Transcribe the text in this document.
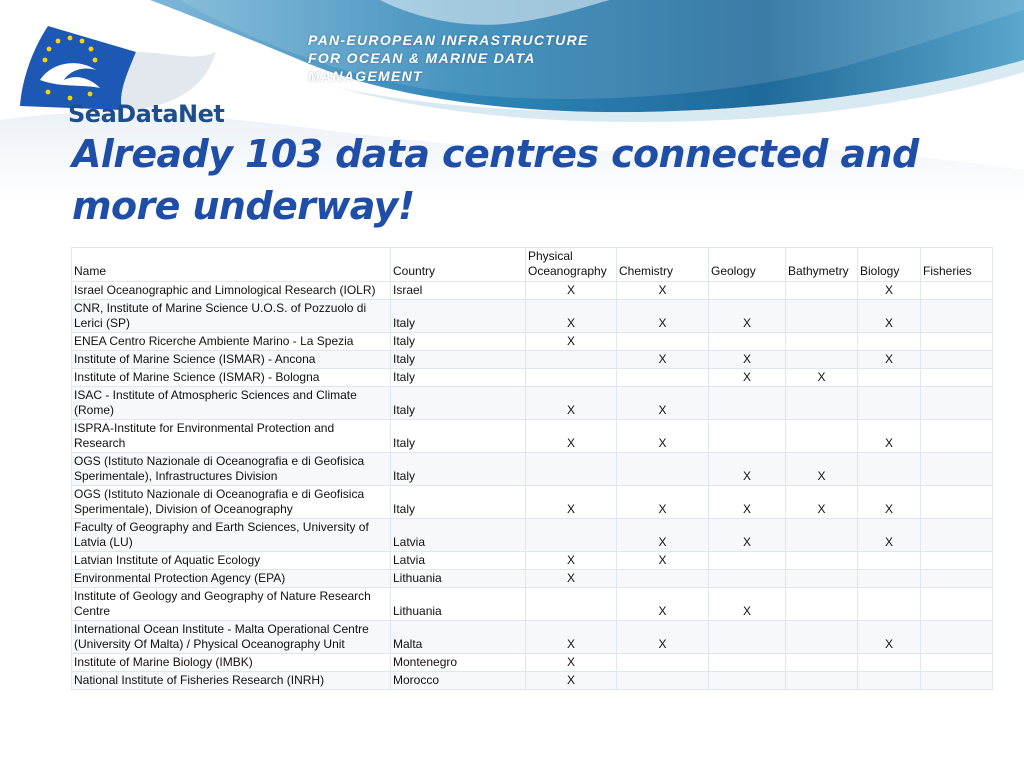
SeaDataNet
PAN-EUROPEAN INFRASTRUCTURE
FOR OCEAN & MARINE DATA
MANAGEMENT
Already 103 data centres connected and more underway!
Name	Country	Physical Oceanography	Chemistry	Geology	Bathymetry	Biology	Fisheries
Israel Oceanographic and Limnological Research (IOLR)	Israel	X	X			X	
CNR, Institute of Marine Science U.O.S. of Pozzuolo di Lerici (SP)	Italy	X	X	X		X	
ENEA Centro Ricerche Ambiente Marino - La Spezia	Italy	X					
Institute of Marine Science (ISMAR) - Ancona	Italy		X	X		X	
Institute of Marine Science (ISMAR) - Bologna	Italy			X	X		
ISAC - Institute of Atmospheric Sciences and Climate (Rome)	Italy	X	X				
ISPRA-Institute for Environmental Protection and Research	Italy	X	X			X	
OGS (Istituto Nazionale di Oceanografia e di Geofisica Sperimentale), Infrastructures Division	Italy			X	X		
OGS (Istituto Nazionale di Oceanografia e di Geofisica Sperimentale), Division of Oceanography	Italy	X	X	X	X	X	
Faculty of Geography and Earth Sciences, University of Latvia (LU)	Latvia		X	X		X	
Latvian Institute of Aquatic Ecology	Latvia	X	X				
Environmental Protection Agency (EPA)	Lithuania	X					
Institute of Geology and Geography of Nature Research Centre	Lithuania		X	X			
International Ocean Institute - Malta Operational Centre (University Of Malta) / Physical Oceanography Unit	Malta	X	X			X	
Institute of Marine Biology (IMBK)	Montenegro	X					
National Institute of Fisheries Research (INRH)	Morocco	X					
